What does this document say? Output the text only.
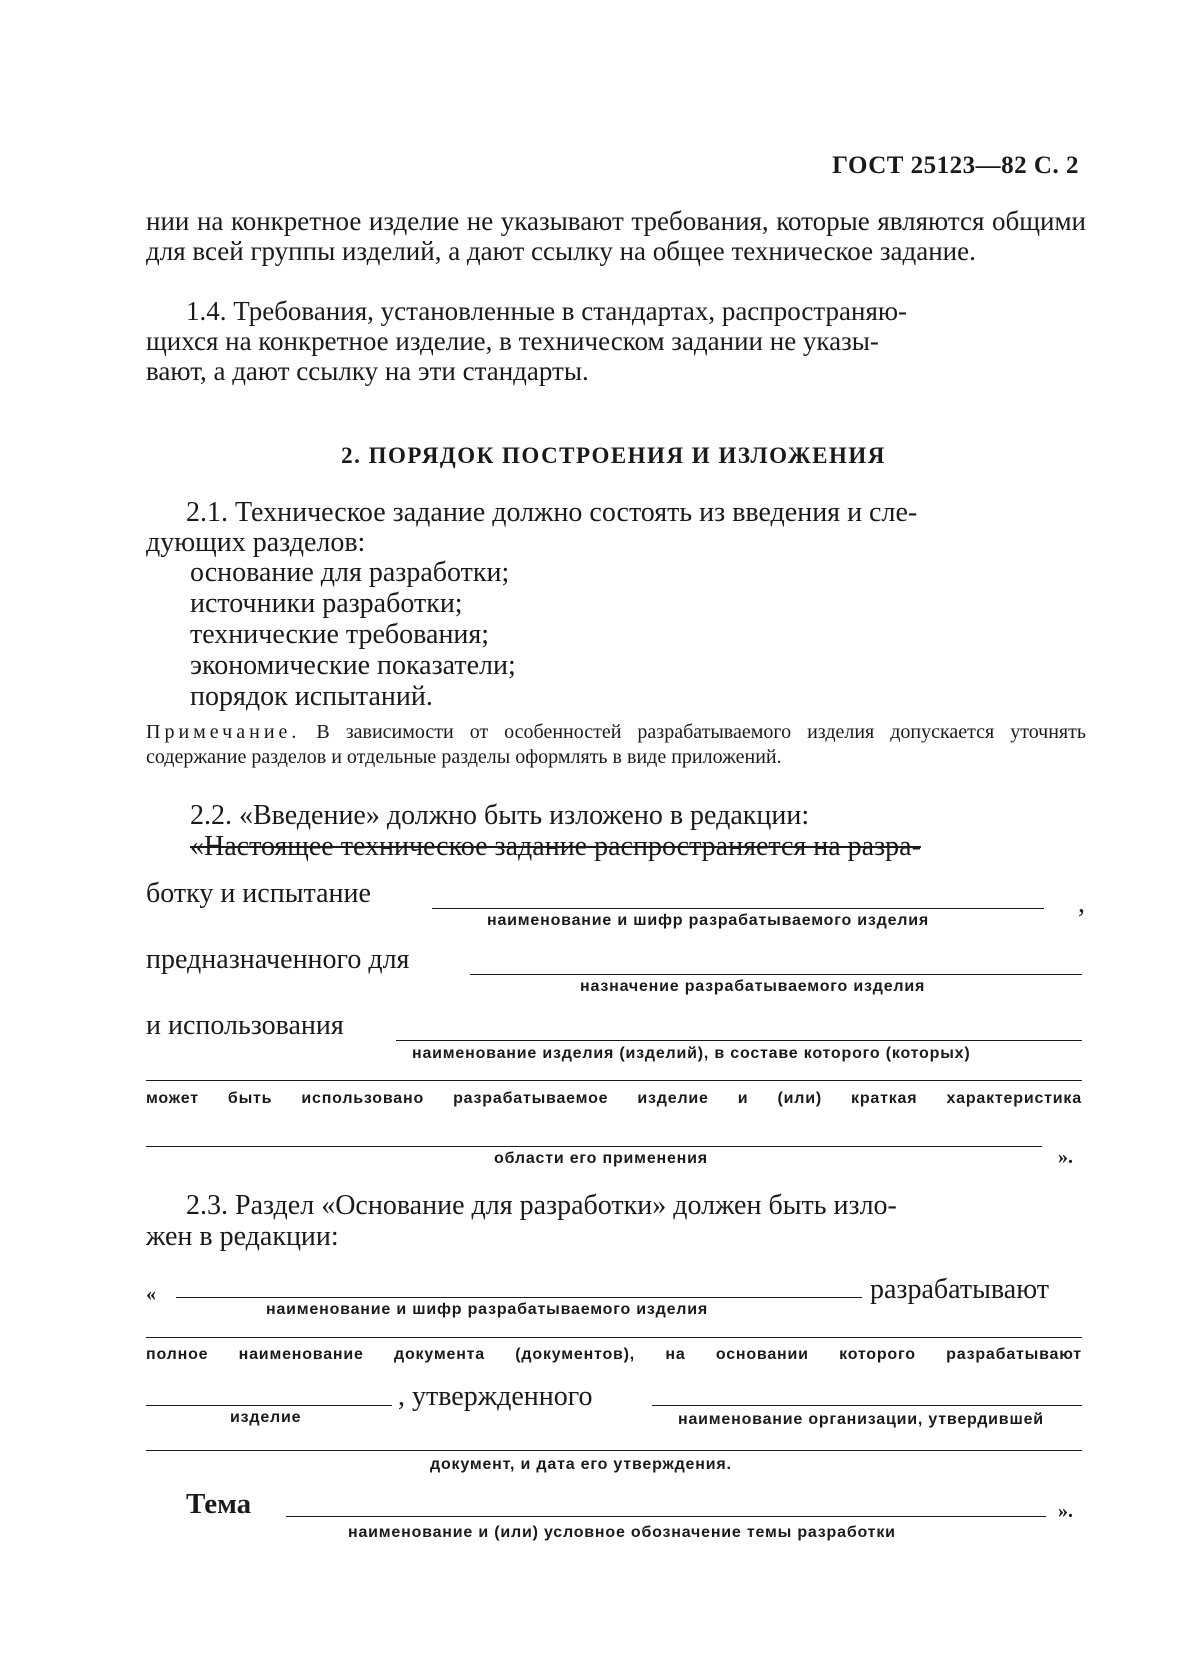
ГОСТ 25123—82 С. 2
нии на конкретное изделие не указывают требования, которые являются общими для всей группы изделий, а дают ссылку на общее техническое задание.
1.4. Требования, установленные в стандартах, распространяю-
щихся на конкретное изделие, в техническом задании не указы-
вают, а дают ссылку на эти стандарты.
2. ПОРЯДОК ПОСТРОЕНИЯ И ИЗЛОЖЕНИЯ
2.1. Техническое задание должно состоять из введения и сле-
дующих разделов:
основание для разработки;
источники разработки;
технические требования;
экономические показатели;
порядок испытаний.
Примечание. В зависимости от особенностей разрабатываемого изделия допускается уточнять содержание разделов и отдельные разделы оформлять в виде приложений.
2.2. «Введение» должно быть изложено в редакции:
«Настоящее техническое задание распространяется на разра-
ботку и испытание	,
наименование и шифр разрабатываемого изделия
предназначенного для
назначение разрабатываемого изделия
и использования
наименование изделия (изделий), в составе которого (которых)
может быть использовано разрабатываемое изделие и (или) краткая характеристика
области его применения	».
2.3. Раздел «Основание для разработки» должен быть изло-
жен в редакции:
«	разрабатывают
наименование и шифр разрабатываемого изделия
полное наименование документа (документов), на основании которого разрабатывают
, утвержденного
изделие	наименование организации, утвердившей
документ, и дата его утверждения.
Тема	».
наименование и (или) условное обозначение темы разработки
